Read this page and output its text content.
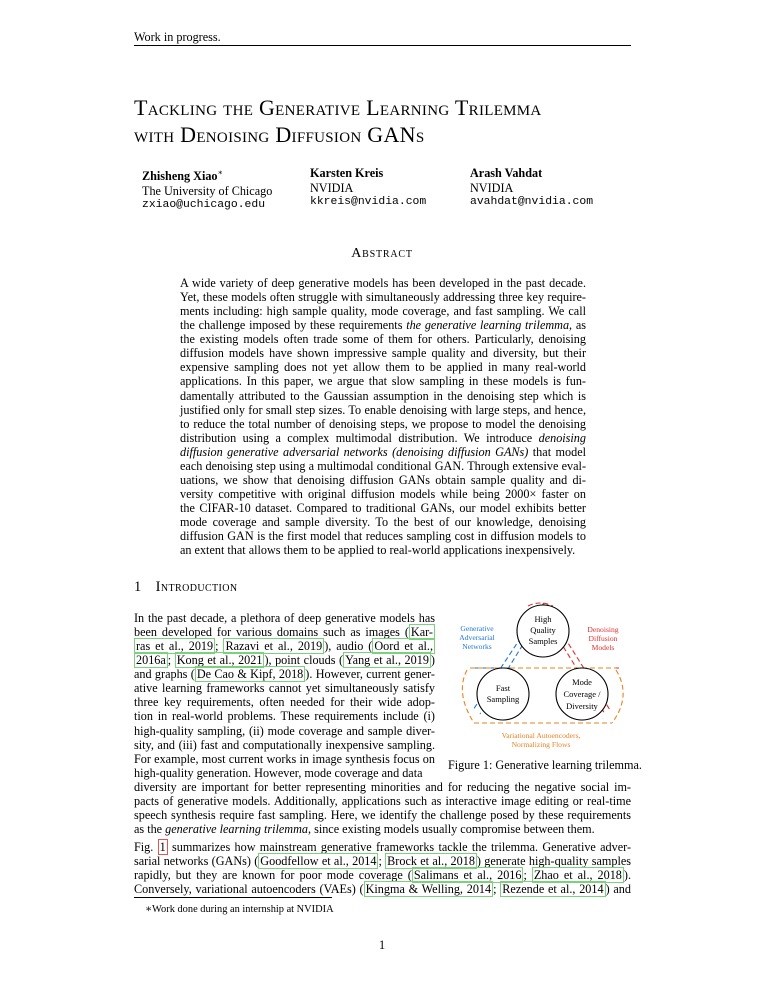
Work in progress.
Tackling the Generative Learning Trilemma
with Denoising Diffusion GANs
Zhisheng Xiao∗
The University of Chicago
zxiao@uchicago.edu
Karsten Kreis
NVIDIA
kkreis@nvidia.com
Arash Vahdat
NVIDIA
avahdat@nvidia.com
Abstract
A wide variety of deep generative models has been developed in the past decade.
Yet, these models often struggle with simultaneously addressing three key require-
ments including: high sample quality, mode coverage, and fast sampling. We call
the challenge imposed by these requirements the generative learning trilemma, as
the existing models often trade some of them for others. Particularly, denoising
diffusion models have shown impressive sample quality and diversity, but their
expensive sampling does not yet allow them to be applied in many real-world
applications. In this paper, we argue that slow sampling in these models is fun-
damentally attributed to the Gaussian assumption in the denoising step which is
justified only for small step sizes. To enable denoising with large steps, and hence,
to reduce the total number of denoising steps, we propose to model the denoising
distribution using a complex multimodal distribution. We introduce denoising
diffusion generative adversarial networks (denoising diffusion GANs) that model
each denoising step using a multimodal conditional GAN. Through extensive eval-
uations, we show that denoising diffusion GANs obtain sample quality and di-
versity competitive with original diffusion models while being 2000× faster on
the CIFAR-10 dataset. Compared to traditional GANs, our model exhibits better
mode coverage and sample diversity. To the best of our knowledge, denoising
diffusion GAN is the first model that reduces sampling cost in diffusion models to
an extent that allows them to be applied to real-world applications inexpensively.
1 Introduction
In the past decade, a plethora of deep generative models has
been developed for various domains such as images ( Kar-
ras et al., 2019 ; Razavi et al., 2019 ), audio ( Oord et al.,
2016a ; Kong et al., 2021 ), point clouds ( Yang et al., 2019 )
and graphs ( De Cao & Kipf, 2018 ). However, current gener-
ative learning frameworks cannot yet simultaneously satisfy
three key requirements, often needed for their wide adop-
tion in real-world problems. These requirements include (i)
high-quality sampling, (ii) mode coverage and sample diver-
sity, and (iii) fast and computationally inexpensive sampling.
For example, most current works in image synthesis focus on
high-quality generation. However, mode coverage and data
diversity are important for better representing minorities and for reducing the negative social im-
pacts of generative models. Additionally, applications such as interactive image editing or real-time
speech synthesis require fast sampling. Here, we identify the challenge posed by these requirements
as the generative learning trilemma, since existing models usually compromise between them.
Fig. 1 summarizes how mainstream generative frameworks tackle the trilemma. Generative adver-
sarial networks (GANs) ( Goodfellow et al., 2014 ; Brock et al., 2018 ) generate high-quality samples
rapidly, but they are known for poor mode coverage ( Salimans et al., 2016 ; Zhao et al., 2018 ).
Conversely, variational autoencoders (VAEs) ( Kingma & Welling, 2014 ; Rezende et al., 2014 ) and
High
Quality
Samples
Fast
Sampling
Mode
Coverage /
Diversity
Generative
Adversarial
Networks
Denoising
Diffusion
Models
Variational Autoencoders,
Normalizing Flows
Figure 1: Generative learning trilemma.
∗Work done during an internship at NVIDIA
1
